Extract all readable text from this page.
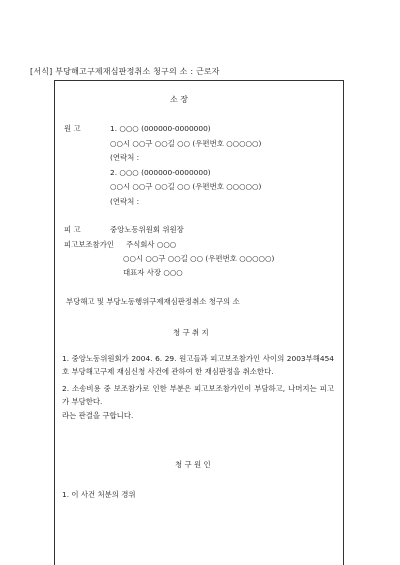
[서식] 부당해고구제재심판정취소 청구의 소 : 근로자
소 장
원 고	1. ○○○ (000000-0000000)
○○시 ○○구 ○○길 ○○ (우편번호 ○○○○○)
(연락처 :
2. ○○○ (000000-0000000)
○○시 ○○구 ○○길 ○○ (우편번호 ○○○○○)
(연락처 :
피 고	중앙노동위원회 위원장
피고보조참가인 주식회사 ○○○
○○시 ○○구 ○○길 ○○ (우편번호 ○○○○○)
대표자 사장 ○○○
부당해고 및 부당노동행위구제재심판정취소 청구의 소
청 구 취 지
1. 중앙노동위원회가 2004. 6. 29. 원고들과 피고보조참가인 사이의 2003부해454호 부당해고구제 재심신청 사건에 관하여 한 재심판정을 취소한다.
2. 소송비용 중 보조참가로 인한 부분은 피고보조참가인이 부담하고, 나머지는 피고가 부담한다.
라는 판결을 구합니다.
청 구 원 인
1. 이 사건 처분의 경위
